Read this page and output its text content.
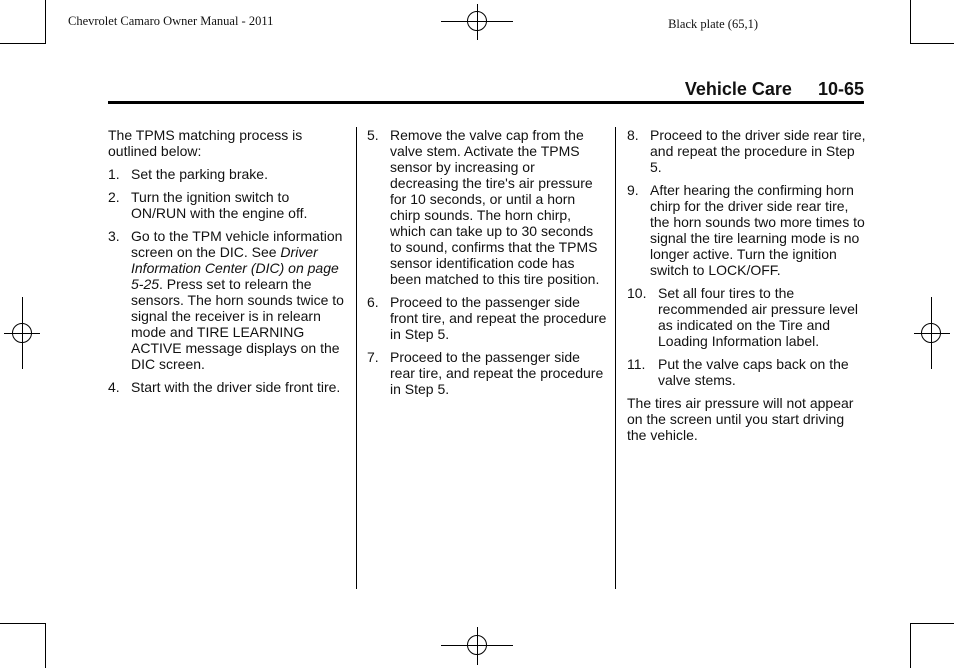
Chevrolet Camaro Owner Manual - 2011	Black plate (65,1)
Vehicle Care 10-65

The TPMS matching process is outlined below:

1. Set the parking brake.
2. Turn the ignition switch to ON/RUN with the engine off.
3. Go to the TPM vehicle information screen on the DIC. See Driver Information Center (DIC) on page 5-25. Press set to relearn the sensors. The horn sounds twice to signal the receiver is in relearn mode and TIRE LEARNING ACTIVE message displays on the DIC screen.
4. Start with the driver side front tire.
5. Remove the valve cap from the valve stem. Activate the TPMS sensor by increasing or decreasing the tire's air pressure for 10 seconds, or until a horn chirp sounds. The horn chirp, which can take up to 30 seconds to sound, confirms that the TPMS sensor identification code has been matched to this tire position.
6. Proceed to the passenger side front tire, and repeat the procedure in Step 5.
7. Proceed to the passenger side rear tire, and repeat the procedure in Step 5.
8. Proceed to the driver side rear tire, and repeat the procedure in Step 5.
9. After hearing the confirming horn chirp for the driver side rear tire, the horn sounds two more times to signal the tire learning mode is no longer active. Turn the ignition switch to LOCK/OFF.
10. Set all four tires to the recommended air pressure level as indicated on the Tire and Loading Information label.
11. Put the valve caps back on the valve stems.

The tires air pressure will not appear on the screen until you start driving the vehicle.
